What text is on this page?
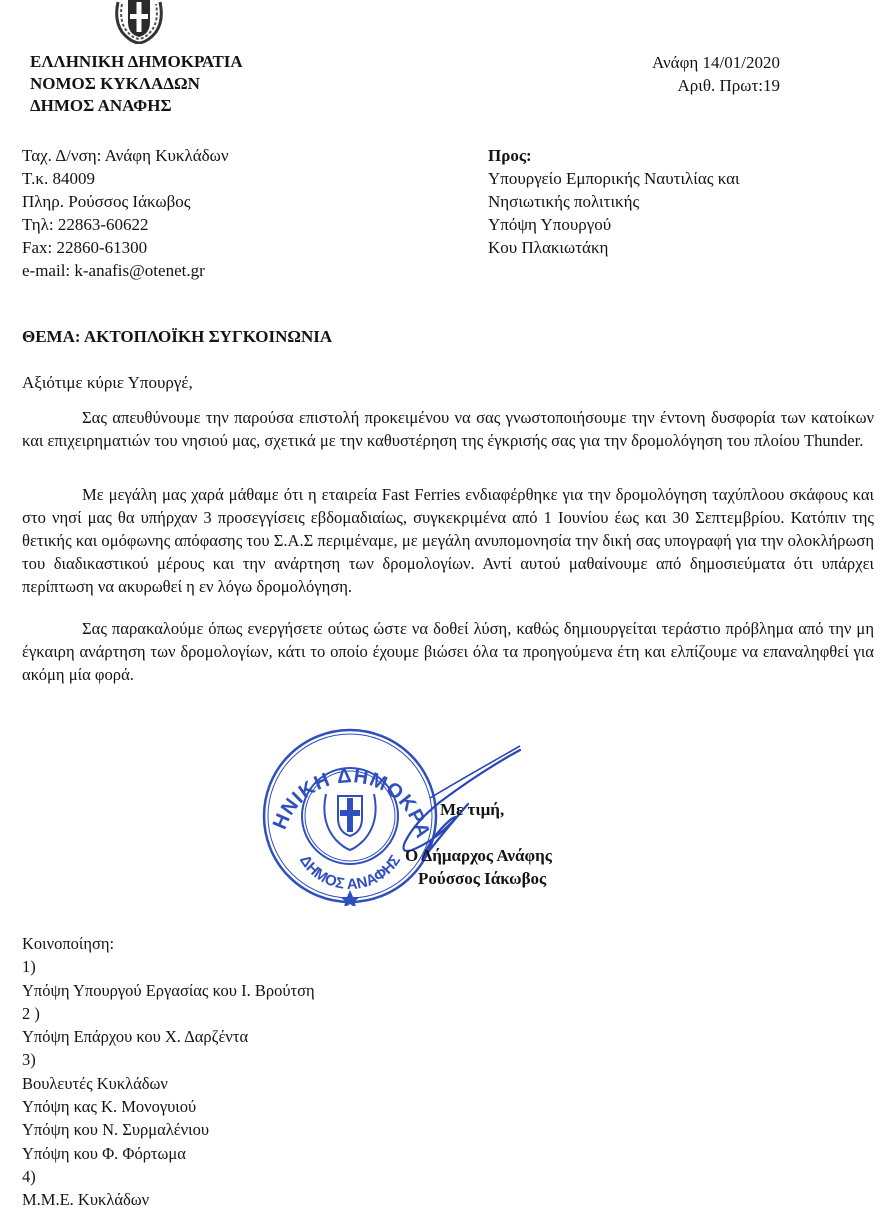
ΕΛΛΗΝΙΚΗ ΔΗΜΟΚΡΑΤΙΑ
ΝΟΜΟΣ ΚΥΚΛΑΔΩΝ
ΔΗΜΟΣ ΑΝΑΦΗΣ
Ανάφη 14/01/2020
Αριθ. Πρωτ:19
Ταχ. Δ/νση: Ανάφη Κυκλάδων
Τ.κ. 84009
Πληρ. Ρούσσος Ιάκωβος
Τηλ: 22863-60622
Fax: 22860-61300
e-mail: k-anafis@otenet.gr
Προς:
Υπουργείο Εμπορικής Ναυτιλίας και
Νησιωτικής πολιτικής
Υπόψη Υπουργού
Κου Πλακιωτάκη
ΘΕΜΑ: ΑΚΤΟΠΛΟΪΚΗ ΣΥΓΚΟΙΝΩΝΙΑ
Αξιότιμε κύριε Υπουργέ,

Σας απευθύνουμε την παρούσα επιστολή προκειμένου να σας γνωστοποιήσουμε την έντονη δυσφορία των κατοίκων και επιχειρηματιών του νησιού μας, σχετικά με την καθυστέρηση της έγκρισής σας για την δρομολόγηση του πλοίου Thunder.

Με μεγάλη μας χαρά μάθαμε ότι η εταιρεία Fast Ferries ενδιαφέρθηκε για την δρομολόγηση ταχύπλοου σκάφους και στο νησί μας θα υπήρχαν 3 προσεγγίσεις εβδομαδιαίως, συγκεκριμένα από 1 Ιουνίου έως και 30 Σεπτεμβρίου. Κατόπιν της θετικής και ομόφωνης απόφασης του Σ.Α.Σ περιμέναμε, με μεγάλη ανυπομονησία την δική σας υπογραφή για την ολοκλήρωση του διαδικαστικού μέρους και την ανάρτηση των δρομολογίων. Αντί αυτού μαθαίνουμε από δημοσιεύματα ότι υπάρχει περίπτωση να ακυρωθεί η εν λόγω δρομολόγηση.

Σας παρακαλούμε όπως ενεργήσετε ούτως ώστε να δοθεί λύση, καθώς δημιουργείται τεράστιο πρόβλημα από την μη έγκαιρη ανάρτηση των δρομολογίων, κάτι το οποίο έχουμε βιώσει όλα τα προηγούμενα έτη και ελπίζουμε να επαναληφθεί για ακόμη μία φορά.

ΗΝΙΚΗ ΔΗΜΟΚΡΑ
ΔΗΜΟΣ ΑΝΑΦΗΣ
Με τιμή,
Ο Δήμαρχος Ανάφης
Ρούσσος Ιάκωβος
Κοινοποίηση:
1)
Υπόψη Υπουργού Εργασίας κου Ι. Βρούτση
2 )
Υπόψη Επάρχου κου Χ. Δαρζέντα
3)
Βουλευτές Κυκλάδων
Υπόψη κας Κ. Μονογυιού
Υπόψη κου Ν. Συρμαλένιου
Υπόψη κου Φ. Φόρτωμα
4)
Μ.Μ.Ε. Κυκλάδων
